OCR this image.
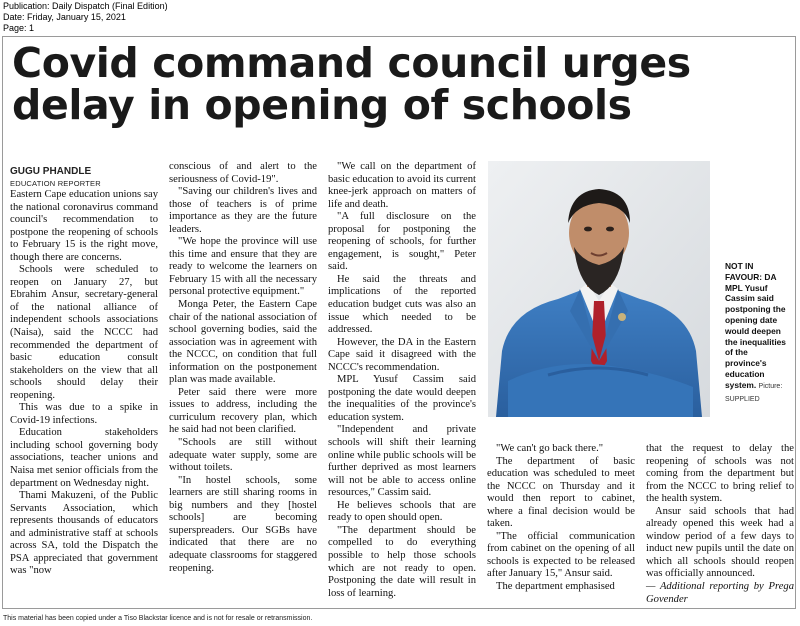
Publication: Daily Dispatch (Final Edition)
Date: Friday, January 15, 2021
Page: 1
Covid command council urges delay in opening of schools

GUGU PHANDLE

EDUCATION REPORTER

Eastern Cape education unions say the national coronavirus command council's recommendation to postpone the reopening of schools to February 15 is the right move, though there are concerns.

Schools were scheduled to reopen on January 27, but Ebrahim Ansur, secretary-general of the national alliance of independent schools associations (Naisa), said the NCCC had recommended the department of basic education consult stakeholders on the view that all schools should delay their reopening.

This was due to a spike in Covid-19 infections.

Education stakeholders including school governing body associations, teacher unions and Naisa met senior officials from the department on Wednesday night.

Thami Makuzeni, of the Public Servants Association, which represents thousands of educators and administrative staff at schools across SA, told the Dispatch the PSA appreciated that government was "now

conscious of and alert to the seriousness of Covid-19".

"Saving our children's lives and those of teachers is of prime importance as they are the future leaders.

"We hope the province will use this time and ensure that they are ready to welcome the learners on February 15 with all the necessary personal protective equipment."

Monga Peter, the Eastern Cape chair of the national association of school governing bodies, said the association was in agreement with the NCCC, on condition that full information on the postponement plan was made available.

Peter said there were more issues to address, including the curriculum recovery plan, which he said had not been clarified.

"Schools are still without adequate water supply, some are without toilets.

"In hostel schools, some learners are still sharing rooms in big numbers and they [hostel schools] are becoming superspreaders. Our SGBs have indicated that there are no adequate classrooms for staggered reopening.

"We call on the department of basic education to avoid its current knee-jerk approach on matters of life and death.

"A full disclosure on the proposal for postponing the reopening of schools, for further engagement, is sought," Peter said.

He said the threats and implications of the reported education budget cuts was also an issue which needed to be addressed.

However, the DA in the Eastern Cape said it disagreed with the NCCC's recommendation.

MPL Yusuf Cassim said postponing the date would deepen the inequalities of the province's education system.

"Independent and private schools will shift their learning online while public schools will be further deprived as most learners will not be able to access online resources," Cassim said.

He believes schools that are ready to open should open.

"The department should be compelled to do everything possible to help those schools which are not ready to open. Postponing the date will result in loss of learning.

NOT IN FAVOUR: DA MPL Yusuf Cassim said postponing the opening date would deepen the inequalities of the province's education system. Picture: SUPPLIED

"We can't go back there."

The department of basic education was scheduled to meet the NCCC on Thursday and it would then report to cabinet, where a final decision would be taken.

"The official communication from cabinet on the opening of all schools is expected to be released after January 15," Ansur said.

The department emphasised

that the request to delay the reopening of schools was not coming from the department but from the NCCC to bring relief to the health system.

Ansur said schools that had already opened this week had a window period of a few days to induct new pupils until the date on which all schools should reopen was officially announced.

— Additional reporting by Prega Govender

This material has been copied under a Tiso Blackstar licence and is not for resale or retransmission.
